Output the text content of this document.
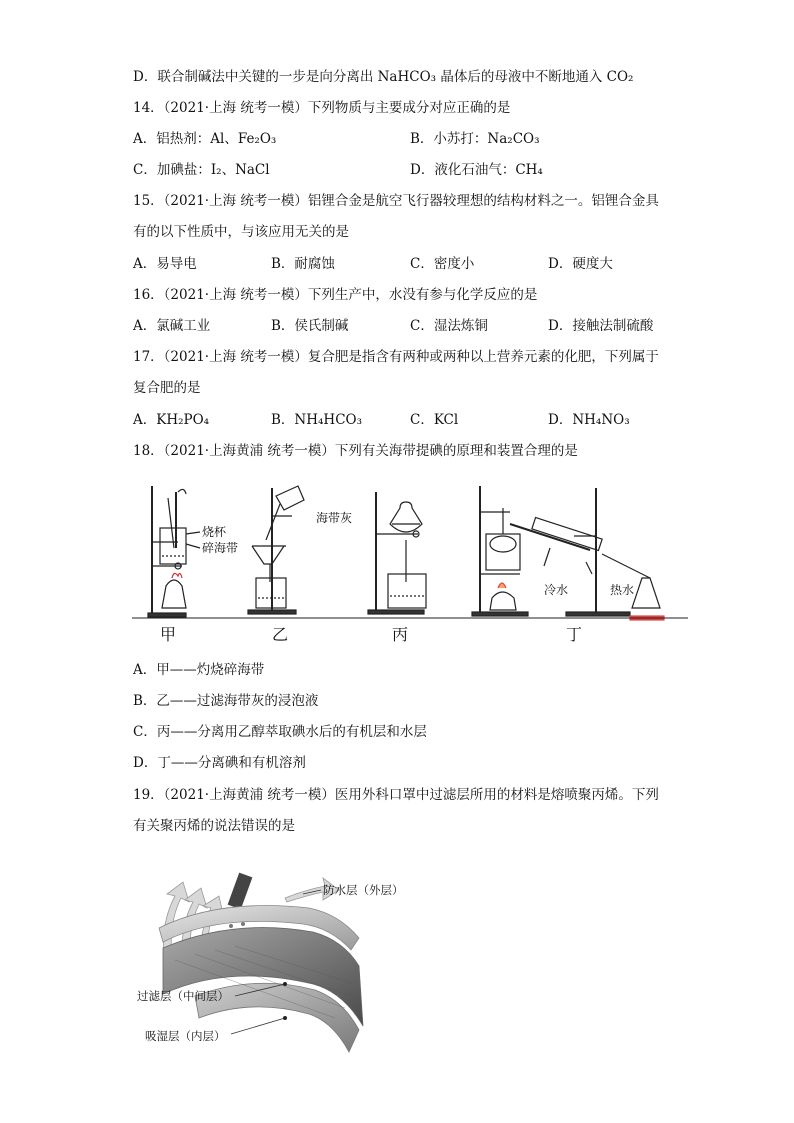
D．联合制碱法中关键的一步是向分离出 NaHCO₃ 晶体后的母液中不断地通入 CO₂
14．（2021·上海 统考一模）下列物质与主要成分对应正确的是
A．铝热剂：Al、Fe₂O₃	B．小苏打：Na₂CO₃
C．加碘盐：I₂、NaCl	D．液化石油气：CH₄
15．（2021·上海 统考一模）铝锂合金是航空飞行器较理想的结构材料之一。铝锂合金具
有的以下性质中，与该应用无关的是
A．易导电	B．耐腐蚀	C．密度小	D．硬度大
16．（2021·上海 统考一模）下列生产中，水没有参与化学反应的是
A．氯碱工业	B．侯氏制碱	C．湿法炼铜	D．接触法制硫酸
17．（2021·上海 统考一模）复合肥是指含有两种或两种以上营养元素的化肥，下列属于
复合肥的是
A．KH₂PO₄	B．NH₄HCO₃	C．KCl	D．NH₄NO₃
18．（2021·上海黄浦 统考一模）下列有关海带提碘的原理和装置合理的是
烧杯
碎海带
海带灰
冷水	热水
甲	乙	丙	丁
A．甲——灼烧碎海带
B．乙——过滤海带灰的浸泡液
C．丙——分离用乙醇萃取碘水后的有机层和水层
D．丁——分离碘和有机溶剂
19．（2021·上海黄浦 统考一模）医用外科口罩中过滤层所用的材料是熔喷聚丙烯。下列
有关聚丙烯的说法错误的是
防水层（外层）
过滤层（中间层）
吸湿层（内层）
